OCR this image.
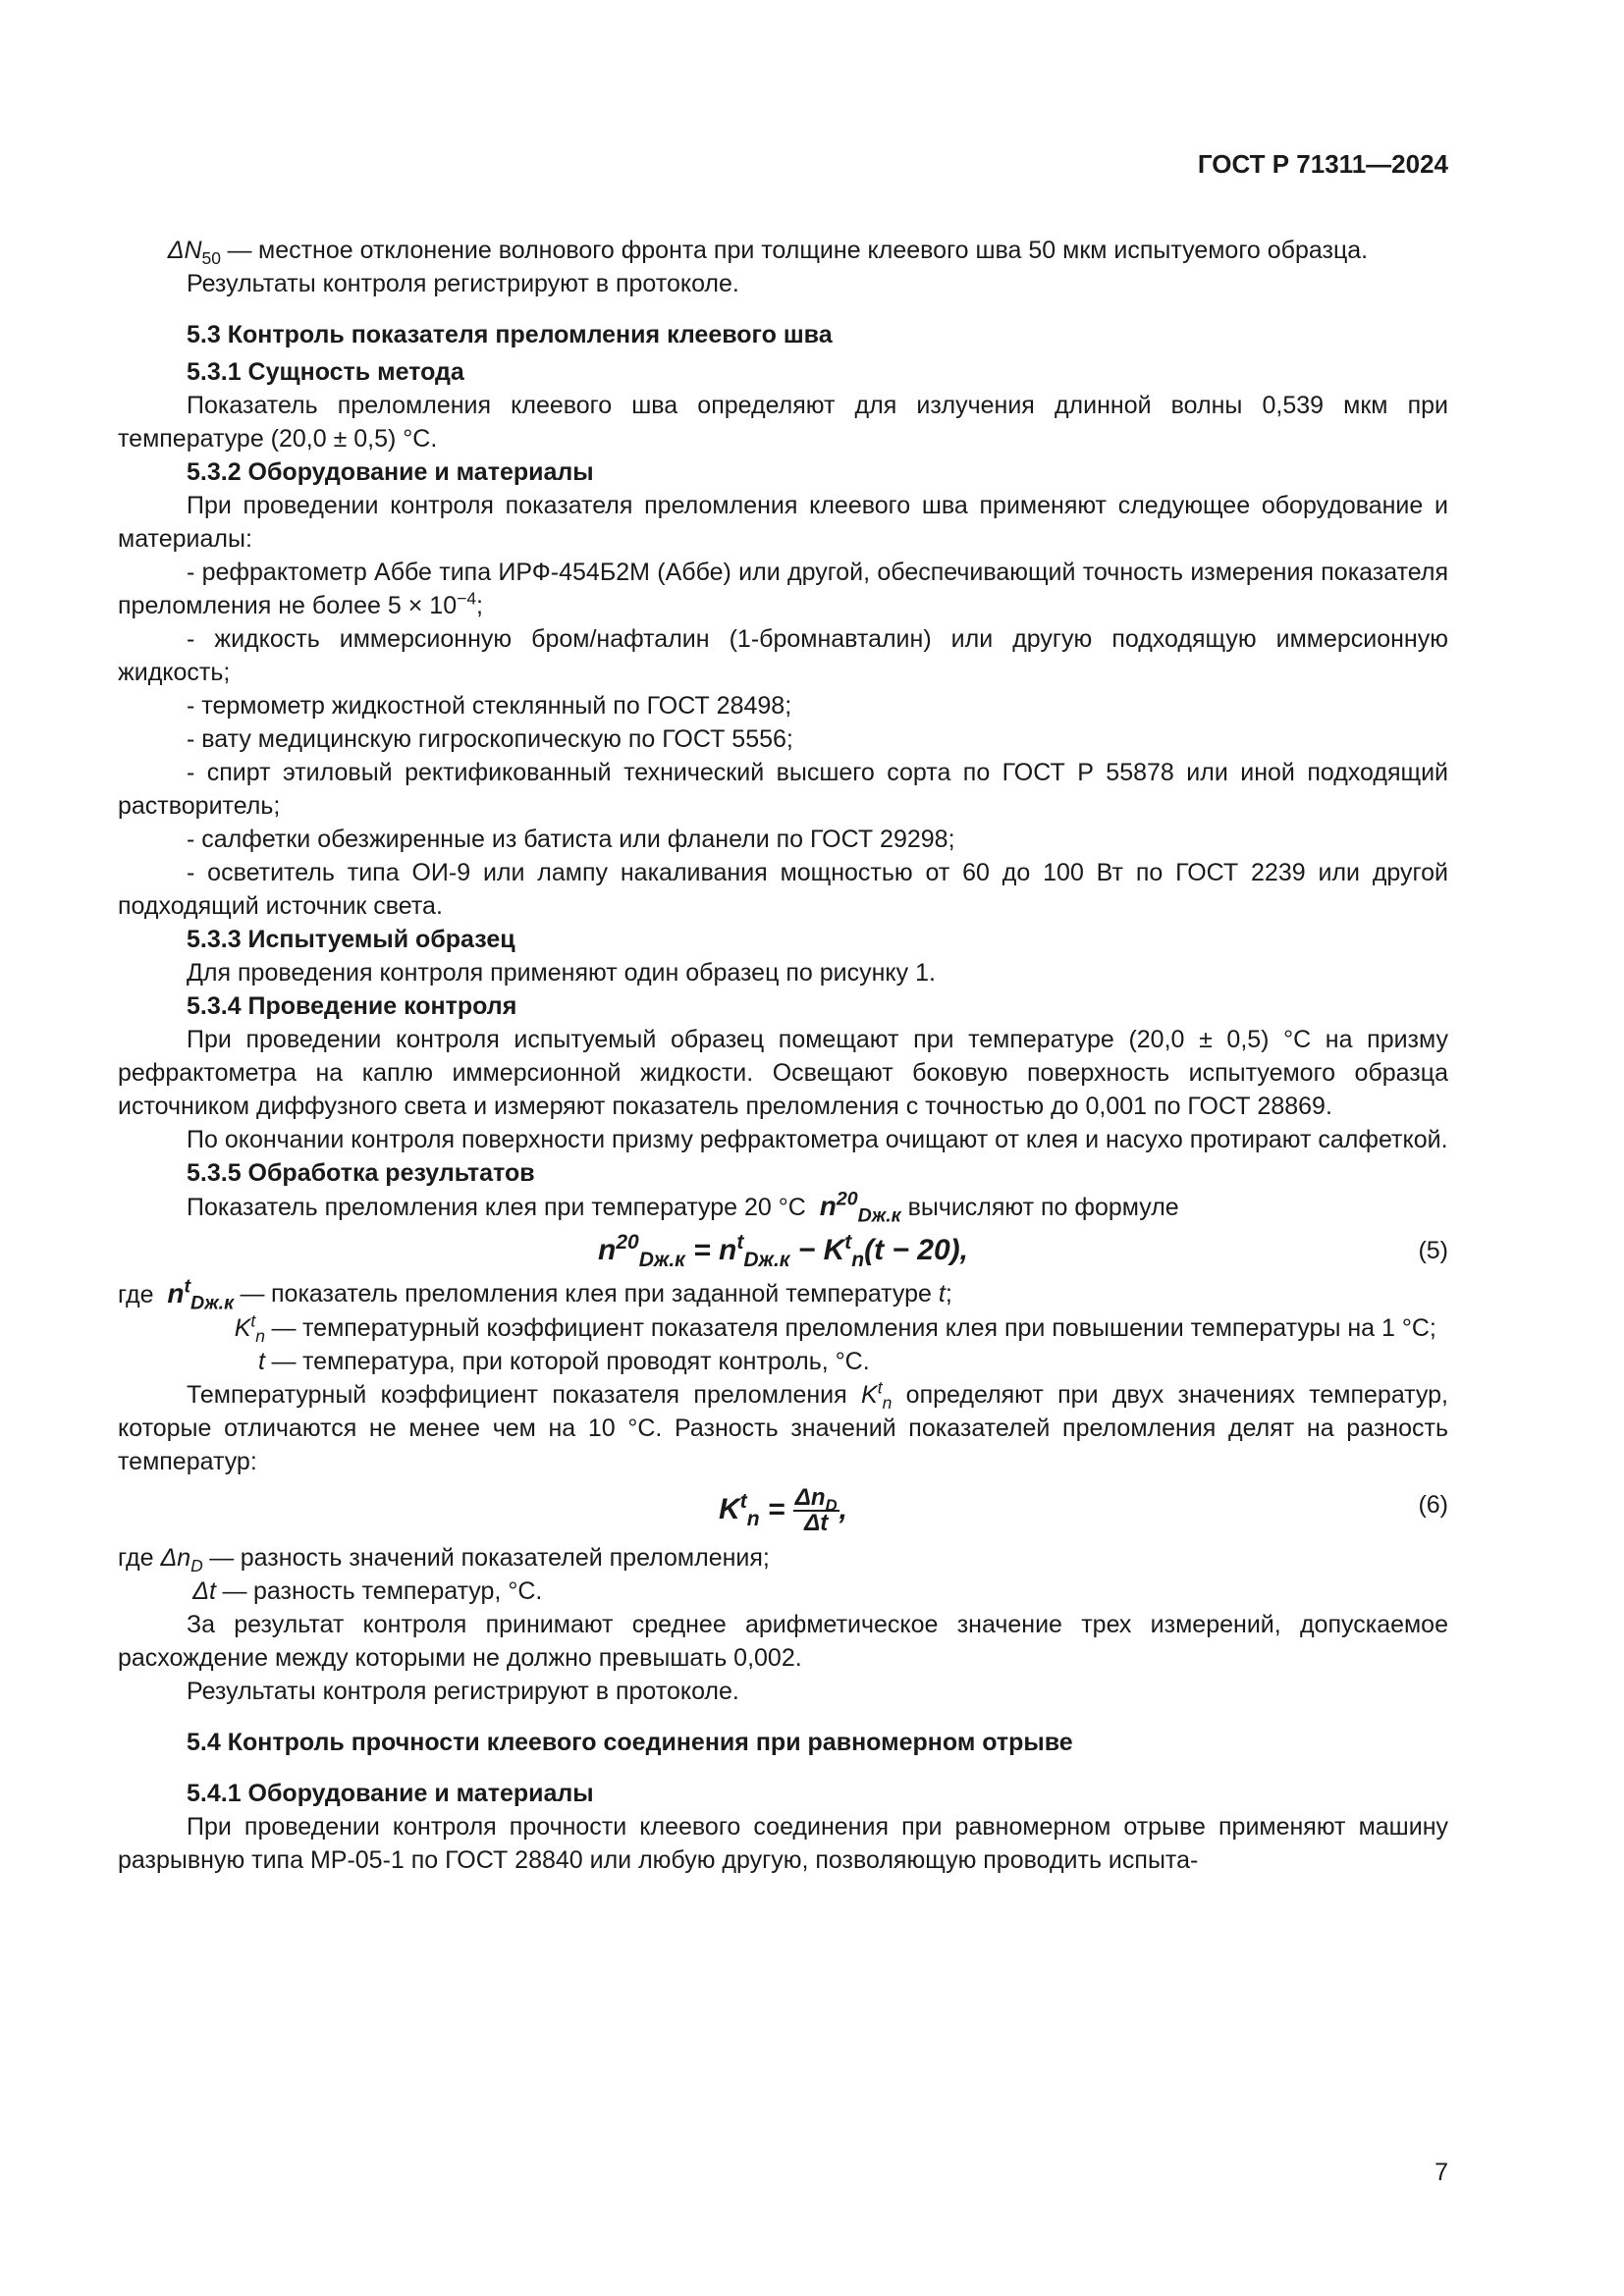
ГОСТ Р 71311—2024
$\Delta N_{50}$ — местное отклонение волнового фронта при толщине клеевого шва 50 мкм испытуемого образца.

Результаты контроля регистрируют в протоколе.

5.3 Контроль показателя преломления клеевого шва
5.3.1 Сущность метода

Показатель преломления клеевого шва определяют для излучения длинной волны 0,539 мкм при температуре (20,0 ± 0,5) °С.

5.3.2 Оборудование и материалы

При проведении контроля показателя преломления клеевого шва применяют следующее оборудование и материалы:

- рефрактометр Аббе типа ИРФ-454Б2М (Аббе) или другой, обеспечивающий точность измерения показателя преломления не более $5 \times 10^{-4}$;

- жидкость иммерсионную бром/нафталин (1-бромнавталин) или другую подходящую иммерсионную жидкость;

- термометр жидкостной стеклянный по ГОСТ 28498;

- вату медицинскую гигроскопическую по ГОСТ 5556;

- спирт этиловый ректификованный технический высшего сорта по ГОСТ Р 55878 или иной подходящий растворитель;

- салфетки обезжиренные из батиста или фланели по ГОСТ 29298;

- осветитель типа ОИ-9 или лампу накаливания мощностью от 60 до 100 Вт по ГОСТ 2239 или другой подходящий источник света.

5.3.3 Испытуемый образец

Для проведения контроля применяют один образец по рисунку 1.

5.3.4 Проведение контроля

При проведении контроля испытуемый образец помещают при температуре (20,0 ± 0,5) °С на призму рефрактометра на каплю иммерсионной жидкости. Освещают боковую поверхность испытуемого образца источником диффузного света и измеряют показатель преломления с точностью до 0,001 по ГОСТ 28869.

По окончании контроля поверхности призму рефрактометра очищают от клея и насухо протирают салфеткой.

5.3.5 Обработка результатов

Показатель преломления клея при температуре 20 °С $n^{20}_{Dж.к}$ вычисляют по формуле

$n^{20}_{Dж.к} = n^t_{Dж.к} - K^t_n(t - 20)$,	(5)
где $n^t_{Dж.к}$ — показатель преломления клея при заданной температуре t;
$K^t_n$ — температурный коэффициент показателя преломления клея при повышении температуры на 1 °С;
t — температура, при которой проводят контроль, °С.

Температурный коэффициент показателя преломления $K^t_n$ определяют при двух значениях температур, которые отличаются не менее чем на 10 °С. Разность значений показателей преломления делят на разность температур:

$K^t_n = \frac{\Delta n_D}{\Delta t}$ ,	(6)
где $\Delta n_D$ — разность значений показателей преломления;
Δt — разность температур, °С.

За результат контроля принимают среднее арифметическое значение трех измерений, допускаемое расхождение между которыми не должно превышать 0,002.

Результаты контроля регистрируют в протоколе.

5.4 Контроль прочности клеевого соединения при равномерном отрыве
5.4.1 Оборудование и материалы

При проведении контроля прочности клеевого соединения при равномерном отрыве применяют машину разрывную типа МР-05-1 по ГОСТ 28840 или любую другую, позволяющую проводить испыта-

7
